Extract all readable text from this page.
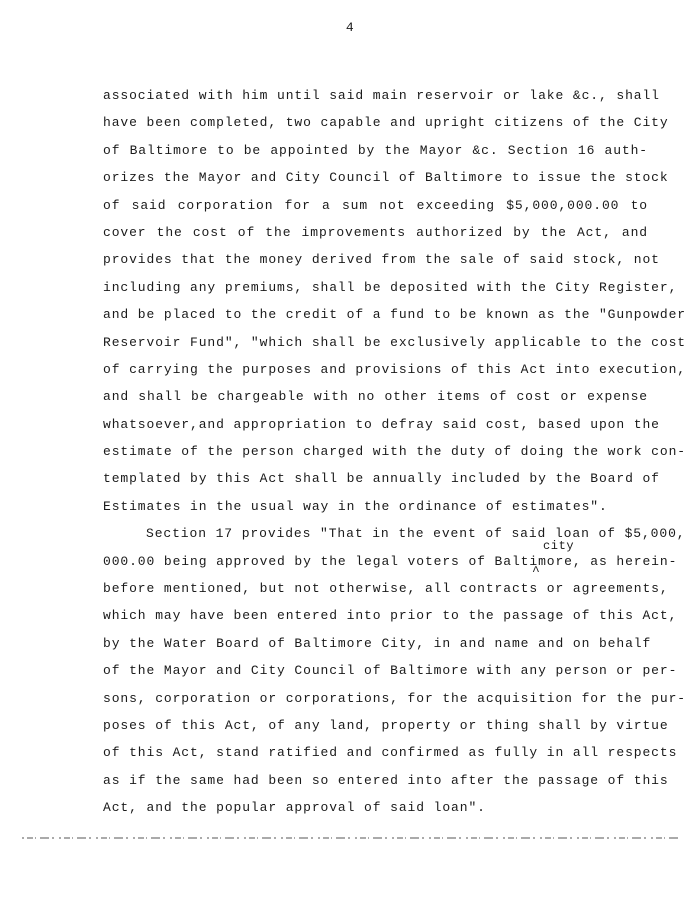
4
associated with him until said main reservoir or lake &c., shall
have been completed, two capable and upright citizens of the City
of Baltimore to be appointed by the Mayor &c. Section 16 auth-
orizes the Mayor and City Council of Baltimore to issue the stock
of said corporation for a sum not exceeding $5,000,000.00 to
cover the cost of the improvements authorized by the Act, and
provides that the money derived from the sale of said stock, not
including any premiums, shall be deposited with the City Register,
and be placed to the credit of a fund to be known as the "Gunpowder
Reservoir Fund", "which shall be exclusively applicable to the cost
of carrying the purposes and provisions of this Act into execution,
and shall be chargeable with no other items of cost or expense
whatsoever,and appropriation to defray said cost, based upon the
estimate of the person charged with the duty of doing the work con-
templated by this Act shall be annually included by the Board of
Estimates in the usual way in the ordinance of estimates".
Section 17 provides "That in the event of said loan of $5,000,
city
^
000.00 being approved by the legal voters of Baltimore, as herein-
before mentioned, but not otherwise, all contracts or agreements,
which may have been entered into prior to the passage of this Act,
by the Water Board of Baltimore City, in and name and on behalf
of the Mayor and City Council of Baltimore with any person or per-
sons, corporation or corporations, for the acquisition for the pur-
poses of this Act, of any land, property or thing shall by virtue
of this Act, stand ratified and confirmed as fully in all respects
as if the same had been so entered into after the passage of this
Act, and the popular approval of said loan".
